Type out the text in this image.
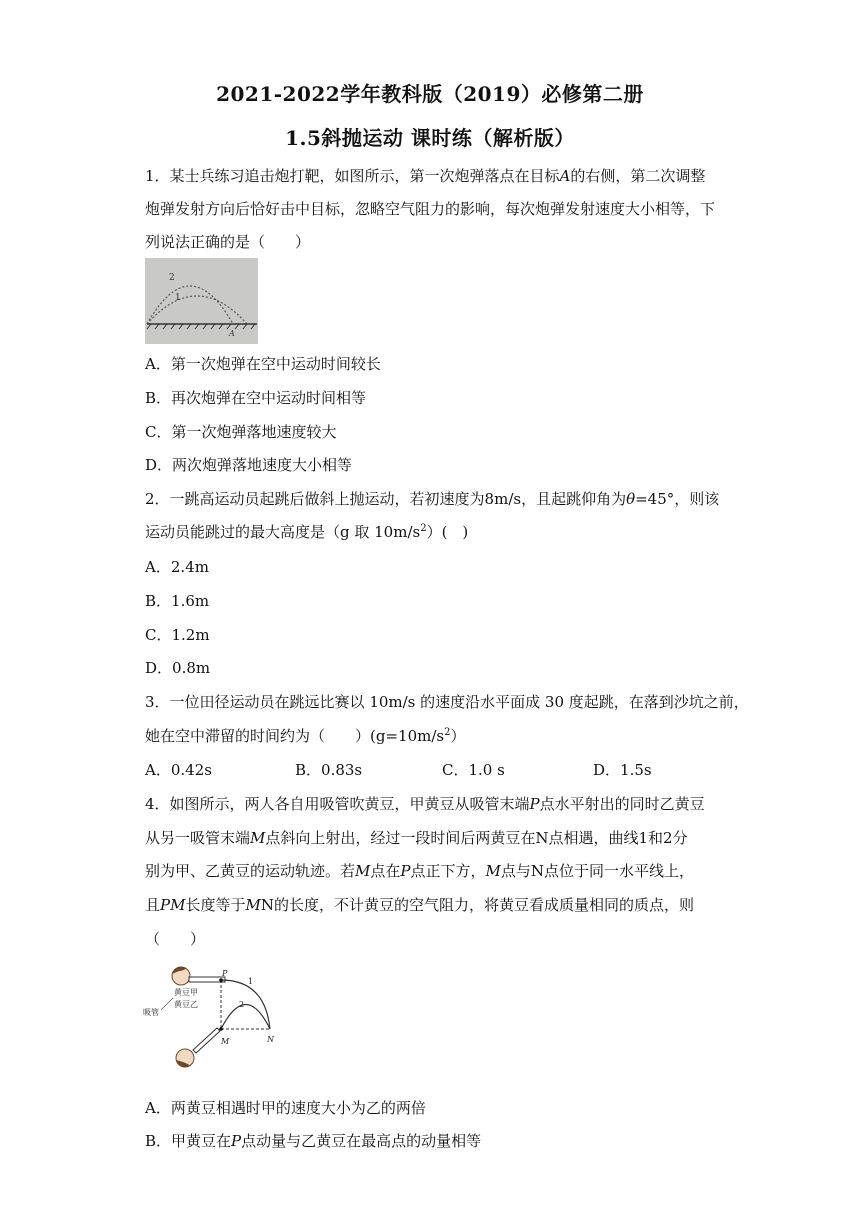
2021-2022学年教科版（2019）必修第二册
1.5斜抛运动 课时练（解析版）
1．某士兵练习追击炮打靶，如图所示，第一次炮弹落点在目标A的右侧，第二次调整
炮弹发射方向后恰好击中目标，忽略空气阻力的影响，每次炮弹发射速度大小相等，下
列说法正确的是（　　）
2
1
A
A．第一次炮弹在空中运动时间较长
B．再次炮弹在空中运动时间相等
C．第一次炮弹落地速度较大
D．两次炮弹落地速度大小相等
2．一跳高运动员起跳后做斜上抛运动，若初速度为8m/s，且起跳仰角为θ=45°，则该
运动员能跳过的最大高度是（g 取 $10m/s^2$）(　)
A．2.4m
B．1.6m
C．1.2m
D．0.8m
3．一位田径运动员在跳远比赛以 10m/s 的速度沿水平面成 30 度起跳，在落到沙坑之前，
她在空中滞留的时间约为（　　）$(g=10m/s^2)$
A．0.42s	B．0.83s	C．1.0 s	D．1.5s
4．如图所示，两人各自用吸管吹黄豆，甲黄豆从吸管末端P点水平射出的同时乙黄豆
从另一吸管末端M点斜向上射出，经过一段时间后两黄豆在N点相遇，曲线1和2分
别为甲、乙黄豆的运动轨迹。若M点在P点正下方，M点与N点位于同一水平线上，
且PM长度等于MN的长度，不计黄豆的空气阻力，将黄豆看成质量相同的质点，则
（　　）
P
M	N
1
2
黄豆甲
黄豆乙
吸管
A．两黄豆相遇时甲的速度大小为乙的两倍
B．甲黄豆在P点动量与乙黄豆在最高点的动量相等
